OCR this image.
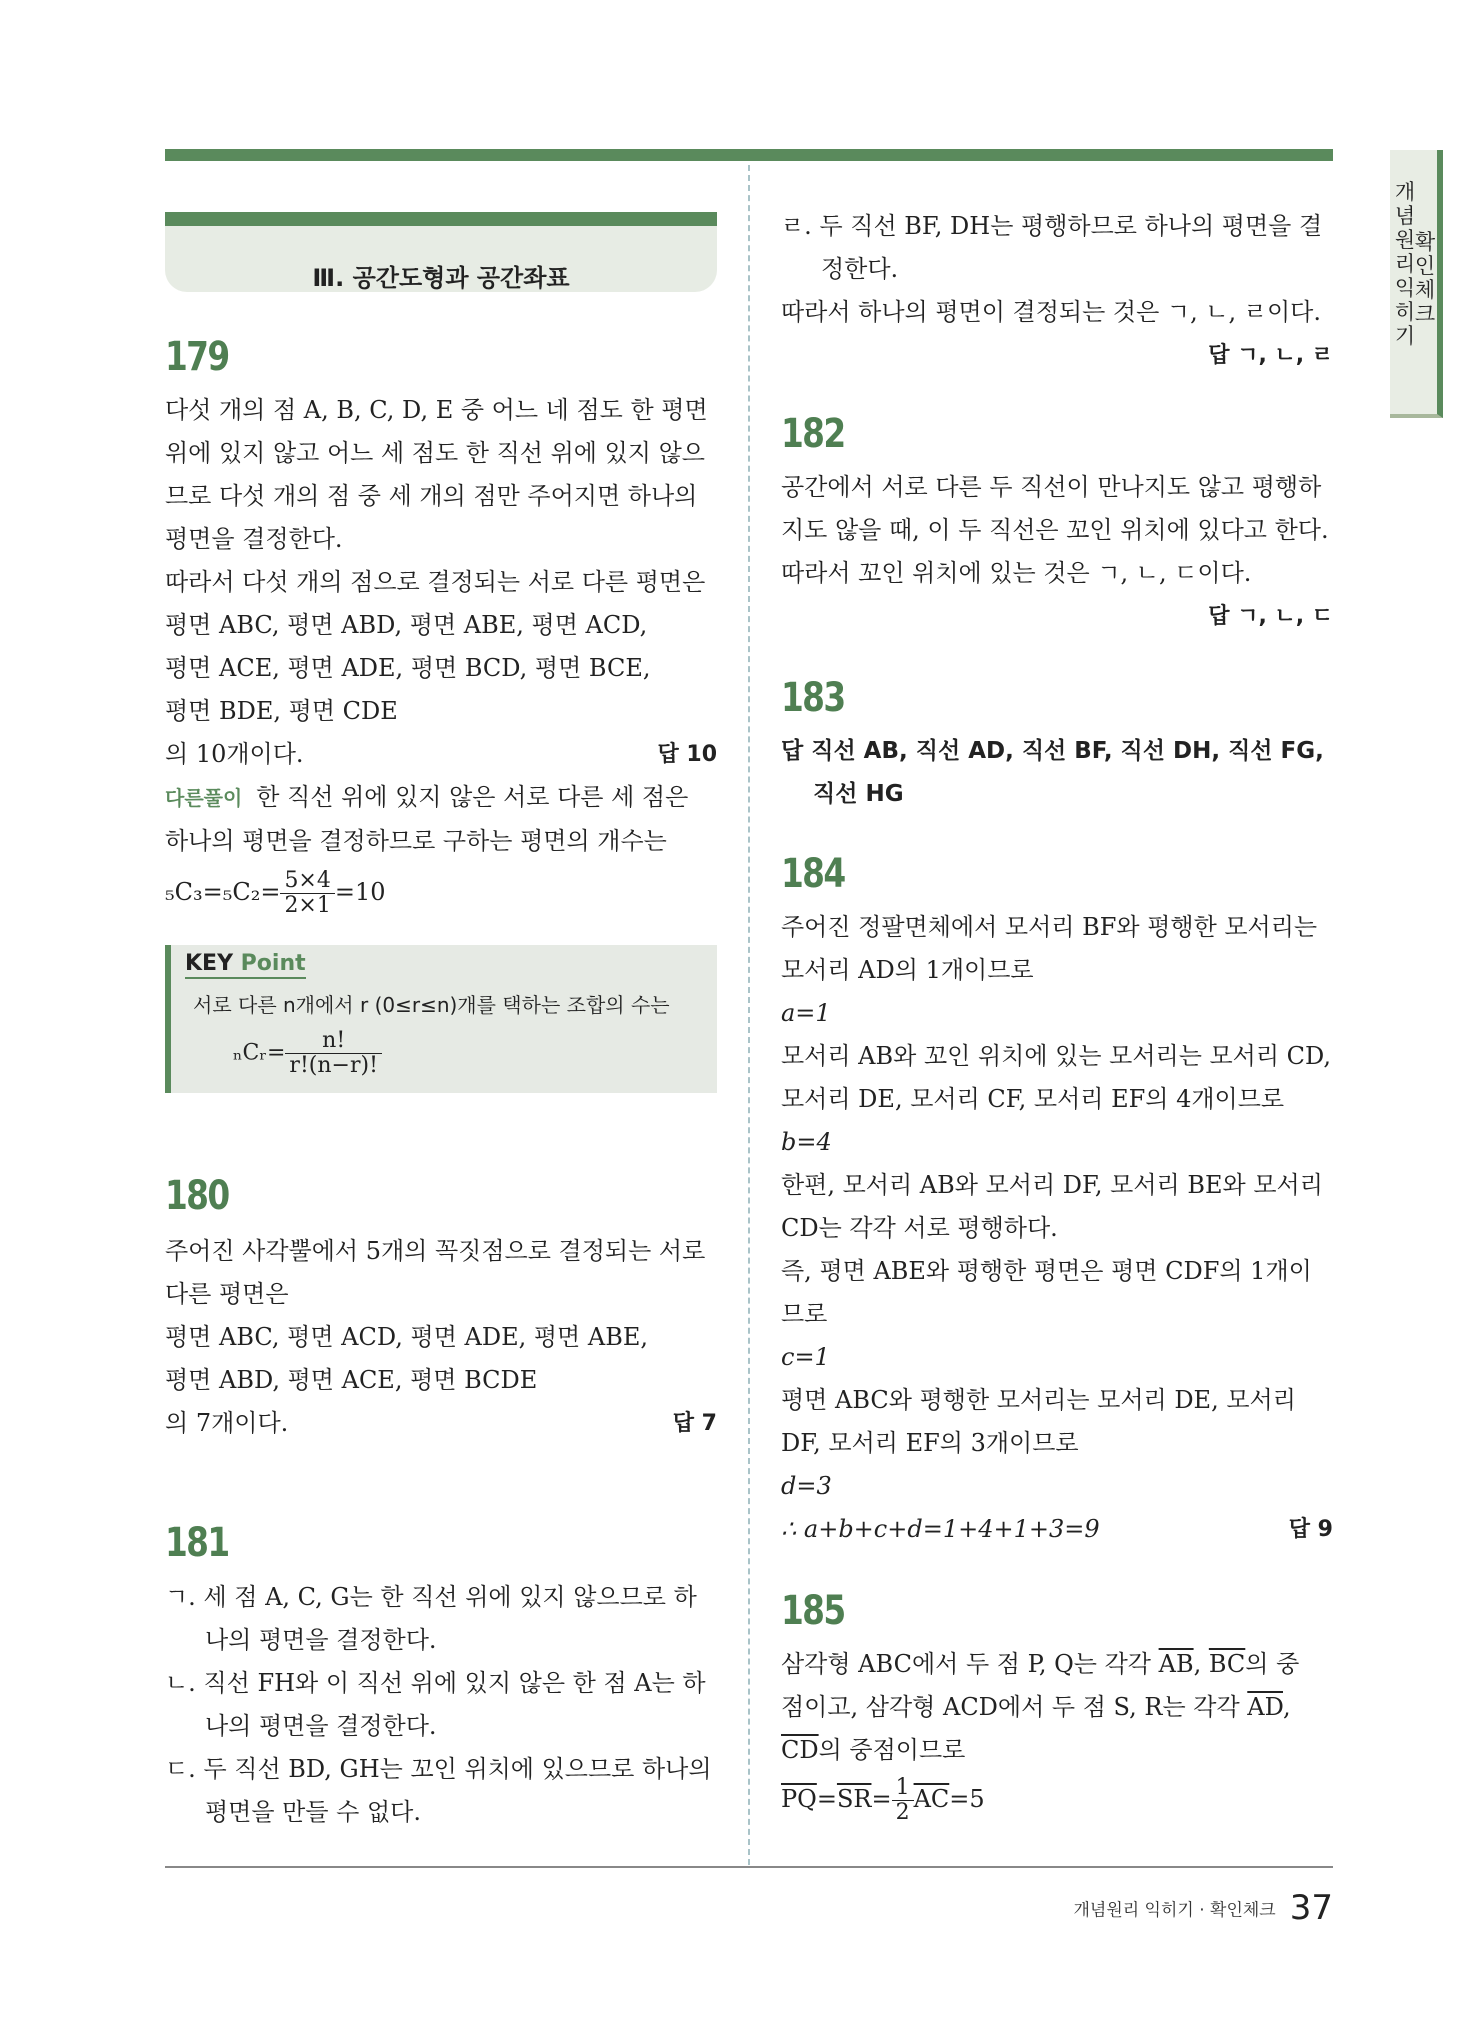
개념원리 익히기
확인체크
Ⅲ. 공간도형과 공간좌표
179
다섯 개의 점 A, B, C, D, E 중 어느 네 점도 한 평면
위에 있지 않고 어느 세 점도 한 직선 위에 있지 않으
므로 다섯 개의 점 중 세 개의 점만 주어지면 하나의
평면을 결정한다.
따라서 다섯 개의 점으로 결정되는 서로 다른 평면은
평면 ABC, 평면 ABD, 평면 ABE, 평면 ACD,
평면 ACE, 평면 ADE, 평면 BCD, 평면 BCE,
평면 BDE, 평면 CDE
의 10개이다.	답 10
다른풀이 한 직선 위에 있지 않은 서로 다른 세 점은
하나의 평면을 결정하므로 구하는 평면의 개수는
$_5C_3=_5C_2= \frac{5\times 4}{2\times 1} =10$
180
주어진 사각뿔에서 5개의 꼭짓점으로 결정되는 서로
다른 평면은
평면 ABC, 평면 ACD, 평면 ADE, 평면 ABE,
평면 ABD, 평면 ACE, 평면 BCDE
의 7개이다.	답 7
181
ㄱ. 세 점 A, C, G는 한 직선 위에 있지 않으므로 하
나의 평면을 결정한다.
ㄴ. 직선 FH와 이 직선 위에 있지 않은 한 점 A는 하
나의 평면을 결정한다.
ㄷ. 두 직선 BD, GH는 꼬인 위치에 있으므로 하나의
평면을 만들 수 없다.
KEY Point
서로 다른 n개에서 r (0≤r≤n)개를 택하는 조합의 수는
ₙCᵣ= $\frac{n!}{r!(n-r)!}$
ㄹ. 두 직선 BF, DH는 평행하므로 하나의 평면을 결
정한다.
따라서 하나의 평면이 결정되는 것은 ㄱ, ㄴ, ㄹ이다.
답 ㄱ, ㄴ, ㄹ
182
공간에서 서로 다른 두 직선이 만나지도 않고 평행하
지도 않을 때, 이 두 직선은 꼬인 위치에 있다고 한다.
따라서 꼬인 위치에 있는 것은 ㄱ, ㄴ, ㄷ이다.
답 ㄱ, ㄴ, ㄷ
183
답 직선 AB, 직선 AD, 직선 BF, 직선 DH, 직선 FG,
직선 HG
184
주어진 정팔면체에서 모서리 BF와 평행한 모서리는
모서리 AD의 1개이므로
a=1
모서리 AB와 꼬인 위치에 있는 모서리는 모서리 CD,
모서리 DE, 모서리 CF, 모서리 EF의 4개이므로
b=4
한편, 모서리 AB와 모서리 DF, 모서리 BE와 모서리
CD는 각각 서로 평행하다.
즉, 평면 ABE와 평행한 평면은 평면 CDF의 1개이
므로
c=1
평면 ABC와 평행한 모서리는 모서리 DE, 모서리
DF, 모서리 EF의 3개이므로
d=3
∴ a+b+c+d=1+4+1+3=9	답 9
185
삼각형 ABC에서 두 점 P, Q는 각각 $\overline{AB}$, $\overline{BC}$의 중
점이고, 삼각형 ACD에서 두 점 S, R는 각각 $\overline{AD}$,
$\overline{CD}$의 중점이므로
$\overline{PQ}=\overline{SR}= \frac{1}{2} \overline{AC}=5$
개념원리 익히기 · 확인체크 37
